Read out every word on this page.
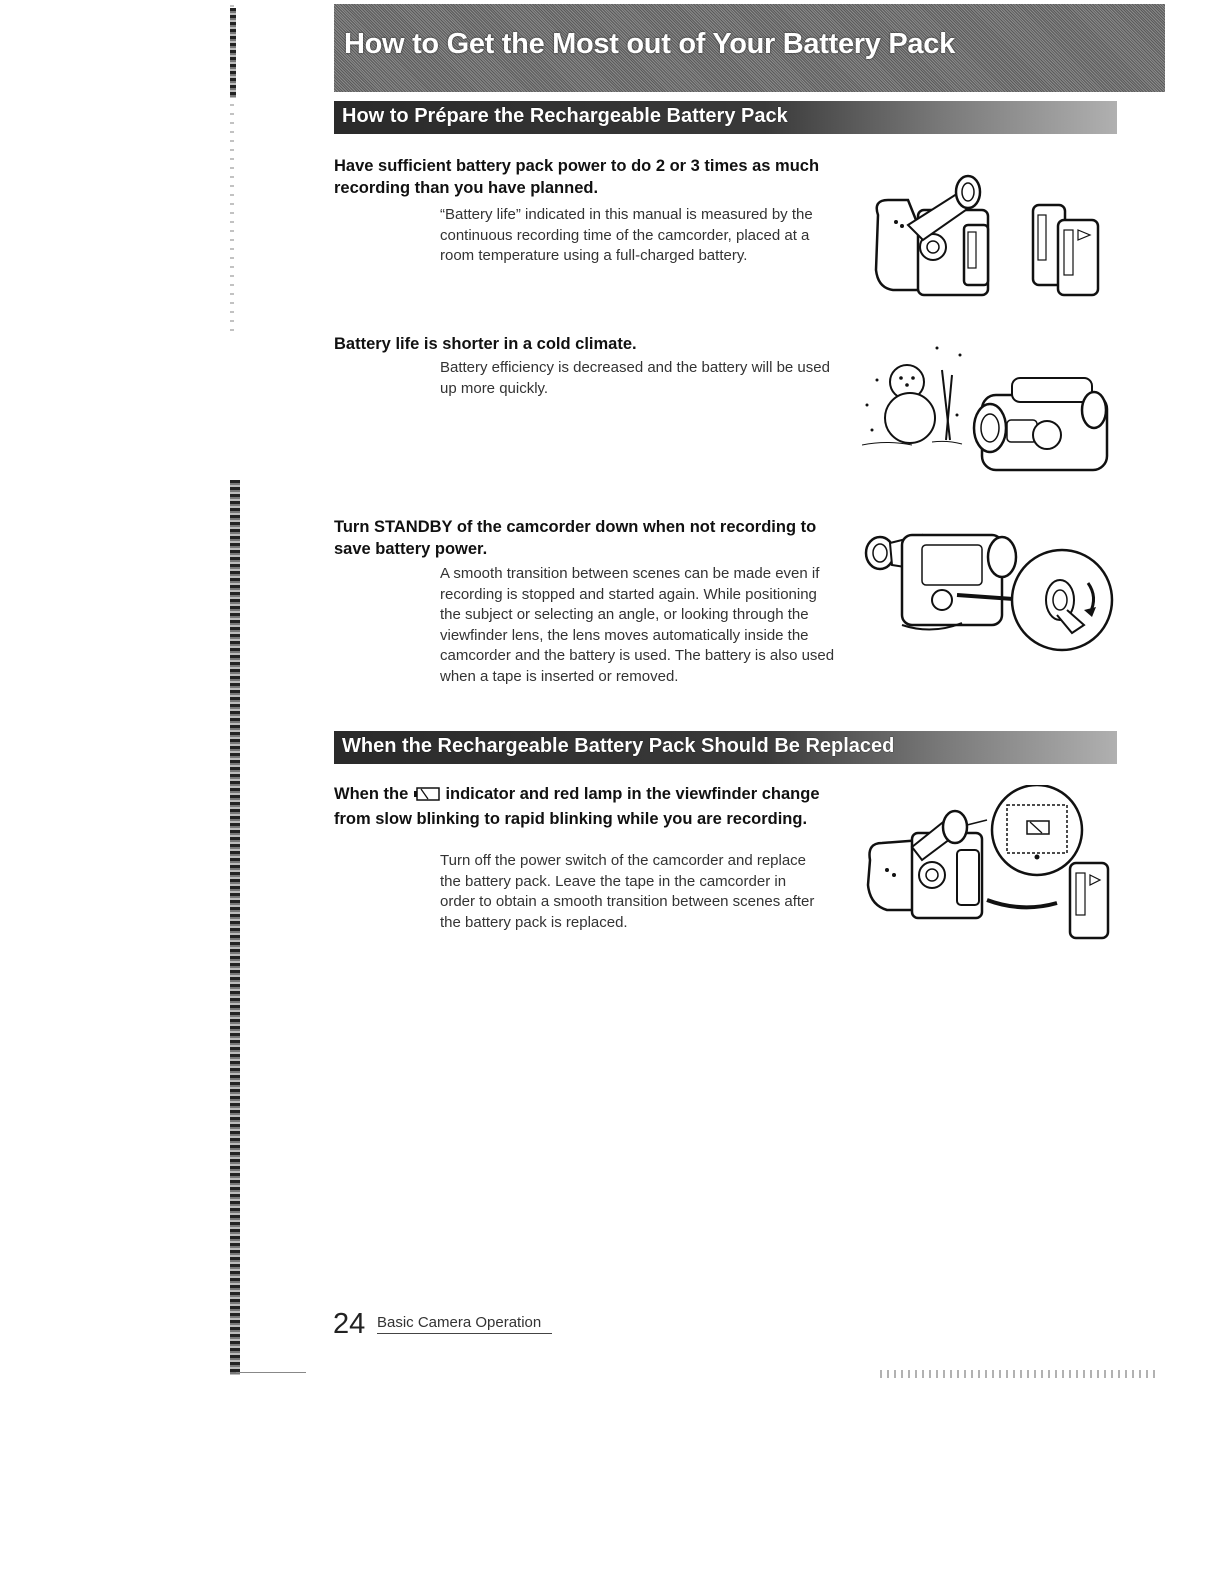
How to Get the Most out of Your Battery Pack
How to Prépare the Rechargeable Battery Pack
Have sufficient battery pack power to do 2 or 3 times as much recording than you have planned.
“Battery life” indicated in this manual is measured by the continuous recording time of the camcorder, placed at a room temperature using a full-charged battery.
Battery life is shorter in a cold climate.
Battery efficiency is decreased and the battery will be used up more quickly.
Turn STANDBY of the camcorder down when not recording to save battery power.
A smooth transition between scenes can be made even if recording is stopped and started again. While positioning the subject or selecting an angle, or looking through the viewfinder lens, the lens moves automatically inside the camcorder and the battery is used. The battery is also used when a tape is inserted or removed.
When the Rechargeable Battery Pack Should Be Replaced
When the indicator and red lamp in the viewfinder change from slow blinking to rapid blinking while you are recording.
Turn off the power switch of the camcorder and replace the battery pack. Leave the tape in the camcorder in order to obtain a smooth transition between scenes after the battery pack is replaced.
24 Basic Camera Operation
